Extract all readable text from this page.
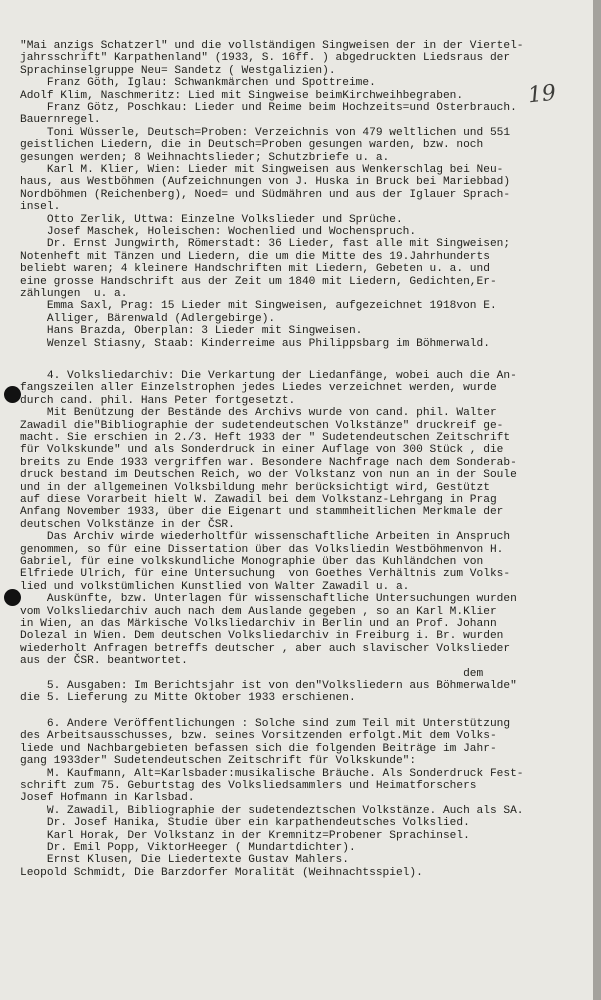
19
"Mai anzigs Schatzerl" und die vollständigen Singweisen der in der Viertel-
jahrsschrift" Karpathenland" (1933, S. 16ff. ) abgedruckten Liedsraus der
Sprachinselgruppe Neu= Sandetz ( Westgalizien).
Franz Göth, Iglau: Schwankmärchen und Spottreime.
Adolf Klim, Naschmeritz: Lied mit Singweise beimKirchweihbegraben.
Franz Götz, Poschkau: Lieder und Reime beim Hochzeits=und Osterbrauch.
Bauernregel.
Toni Wüsserle, Deutsch=Proben: Verzeichnis von 479 weltlichen und 551
geistlichen Liedern, die in Deutsch=Proben gesungen warden, bzw. noch
gesungen werden; 8 Weihnachtslieder; Schutzbriefe u. a.
Karl M. Klier, Wien: Lieder mit Singweisen aus Wenkerschlag bei Neu-
haus, aus Westböhmen (Aufzeichnungen von J. Huska in Bruck bei Mariebbad)
Nordböhmen (Reichenberg), Noed= und Südmähren und aus der Iglauer Sprach-
insel.
Otto Zerlik, Uttwa: Einzelne Volkslieder und Sprüche.
Josef Maschek, Holeischen: Wochenlied und Wochenspruch.
Dr. Ernst Jungwirth, Römerstadt: 36 Lieder, fast alle mit Singweisen;
Notenheft mit Tänzen und Liedern, die um die Mitte des 19.Jahrhunderts
beliebt waren; 4 kleinere Handschriften mit Liedern, Gebeten u. a. und
eine grosse Handschrift aus der Zeit um 1840 mit Liedern, Gedichten,Er-
zählungen  u. a.
Emma Saxl, Prag: 15 Lieder mit Singweisen, aufgezeichnet 1918von E.
Alliger, Bärenwald (Adlergebirge).
Hans Brazda, Oberplan: 3 Lieder mit Singweisen.
Wenzel Stiasny, Staab: Kinderreime aus Philippsbarg im Böhmerwald.
4. Volksliedarchiv: Die Verkartung der Liedanfänge, wobei auch die An-
fangszeilen aller Einzelstrophen jedes Liedes verzeichnet werden, wurde
durch cand. phil. Hans Peter fortgesetzt.
Mit Benützung der Bestände des Archivs wurde von cand. phil. Walter
Zawadil die"Bibliographie der sudetendeutschen Volkstänze" druckreif ge-
macht. Sie erschien in 2./3. Heft 1933 der " Sudetendeutschen Zeitschrift
für Volkskunde" und als Sonderdruck in einer Auflage von 300 Stück , die
breits zu Ende 1933 vergriffen war. Besondere Nachfrage nach dem Sonderab-
druck bestand im Deutschen Reich, wo der Volkstanz von nun an in der Soule
und in der allgemeinen Volksbildung mehr berücksichtigt wird, Gestützt
auf diese Vorarbeit hielt W. Zawadil bei dem Volkstanz-Lehrgang in Prag
Anfang November 1933, über die Eigenart und stammheitlichen Merkmale der
deutschen Volkstänze in der ČSR.
Das Archiv wirde wiederholtfür wissenschaftliche Arbeiten in Anspruch
genommen, so für eine Dissertation über das Volksliedin Westböhmenvon H.
Gabriel, für eine volkskundliche Monographie über das Kuhländchen von
Elfriede Ulrich, für eine Untersuchung  von Goethes Verhältnis zum Volks-
lied und volkstümlichen Kunstlied von Walter Zawadil u. a.
Auskünfte, bzw. Unterlagen für wissenschaftliche Untersuchungen wurden
vom Volksliedarchiv auch nach dem Auslande gegeben , so an Karl M.Klier
in Wien, an das Märkische Volksliedarchiv in Berlin und an Prof. Johann
Dolezal in Wien. Dem deutschen Volksliedarchiv in Freiburg i. Br. wurden
wiederholt Anfragen betreffs deutscher , aber auch slavischer Volkslieder
aus der ČSR. beantwortet.
dem
5. Ausgaben: Im Berichtsjahr ist von den"Volksliedern aus Böhmerwalde"
die 5. Lieferung zu Mitte Oktober 1933 erschienen.
6. Andere Veröffentlichungen : Solche sind zum Teil mit Unterstützung
des Arbeitsausschusses, bzw. seines Vorsitzenden erfolgt.Mit dem Volks-
liede und Nachbargebieten befassen sich die folgenden Beiträge im Jahr-
gang 1933der" Sudetendeutschen Zeitschrift für Volkskunde":
M. Kaufmann, Alt=Karlsbader:musikalische Bräuche. Als Sonderdruck Fest-
schrift zum 75. Geburtstag des Volksliedsammlers und Heimatforschers
Josef Hofmann in Karlsbad.
W. Zawadil, Bibliographie der sudetendeztschen Volkstänze. Auch als SA.
Dr. Josef Hanika, Studie über ein karpathendeutsches Volkslied.
Karl Horak, Der Volkstanz in der Kremnitz=Probener Sprachinsel.
Dr. Emil Popp, ViktorHeeger ( Mundartdichter).
Ernst Klusen, Die Liedertexte Gustav Mahlers.
Leopold Schmidt, Die Barzdorfer Moralität (Weihnachtsspiel).
